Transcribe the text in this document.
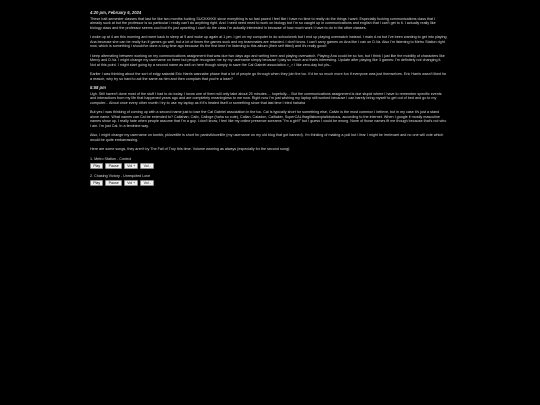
4:20 pm, February 6, 2024

These half-semester classes that last for like two months fucking SUCKKKKK since everything is so fast paced I feel like I have no time to really do the things I want. Especially fucking communications class that I already suck at but the professor is so particular I really can't do anything right. And I need need need to work on biology but I'm so caught up in communications and english that I can't get to it. I actually really like biology class and the professor seems cool but it's just upsetting I can't do the class I'm actually interested in because of how much work I have to do in the other classes.

I woke up at 4 am this morning and went back to sleep at 9 and woke up again at 1 pm. I get on my computer to do schoolwork but I end up playing overwatch instead. I main d.va but I've been wanting to get into playing Ana because she can be really fun if games go well, but a lot of times the games suck and my teammates are retarded. I don't know. I can't carry games on Ana like I can on D.Va. Also I'm listening to Metro Station right now, which is something I should've done a long time ago because it's the first time I'm listening to this album (their self titled) and it's really good!

I keep alternating between working on my communications assignment that was due two days ago and writing here and playing overwatch. Playing Ana could be so fun, but I think I just like the mobility of characters like Mercy and D.Va. I might change my username on there but people recognize me by my username simply because I play so much and that's interesting. Update after playing like 3 games: I'm definitely not changing it. Not at this point. I might start going by a second name as well on here though simply to save the Cal Gabriel association >_> I like zero-day but pls--

Earlier I was thinking about the sort of edgy satanist Eric Harris wannabe phase that a lot of people go through when they join the tcc. It'd be so much more fun if everyone was just themselves. Eric Harris wasn't liked for a reason, why try so hard to act the same as him and then complain that you're a loser?

5:58 pm

Ugh. Still haven't done most of the stuff I had to do today. I know one of them will only take about 25 minutes.... hopefully.... But the communications assignment is due stupid where I have to remember specific events and interactions from my life that happened years ago and are completely meaningless to me now. Right now I'm just wishing my laptop still worked because I can barely bring myself to get out of bed and go to my computer... About once every other month I try to use my laptop as if it's healed itself or something since that last time I tried hahaha

But yes I was thinking of coming up with a second name just to lose the Cal Gabriel association in the tcc. Cal is typically short for something else, Calvin is the most common I believe, but in my case it's just a stand alone name. What names can Cal be extended to? Callahan, Calix, Calloge (haha so cute), Callan, Caladon, Calltaker, SuperCALIfragilisticexpialidocious, according to the internet. When I google it mostly masculine names show up. I really hate when people assume that I'm a guy. I don't know, I feel like my online presence screams "I'm a girl!!" but I guess I could be wrong. None of those names fit me though because that's not who I am. I'm just Cal. In a feminine way.

Also, I might change my username on tumblr, pkloveliife is short for pankvlkloveliife (my username on my old blog that got banned). I'm thinking of making a poll but I fear I might be irrelevant and no one will vote which would be quite embarrassing.

Here are some songs, they aren't by The Fall of Troy this time. Volume warning as always (especially for the second song):

1. Metro Station - Control
Play	Pause	Vol +	Vol -
2. Chasing Victory - Unrequited Love
Play	Pause	Vol +	Vol -
